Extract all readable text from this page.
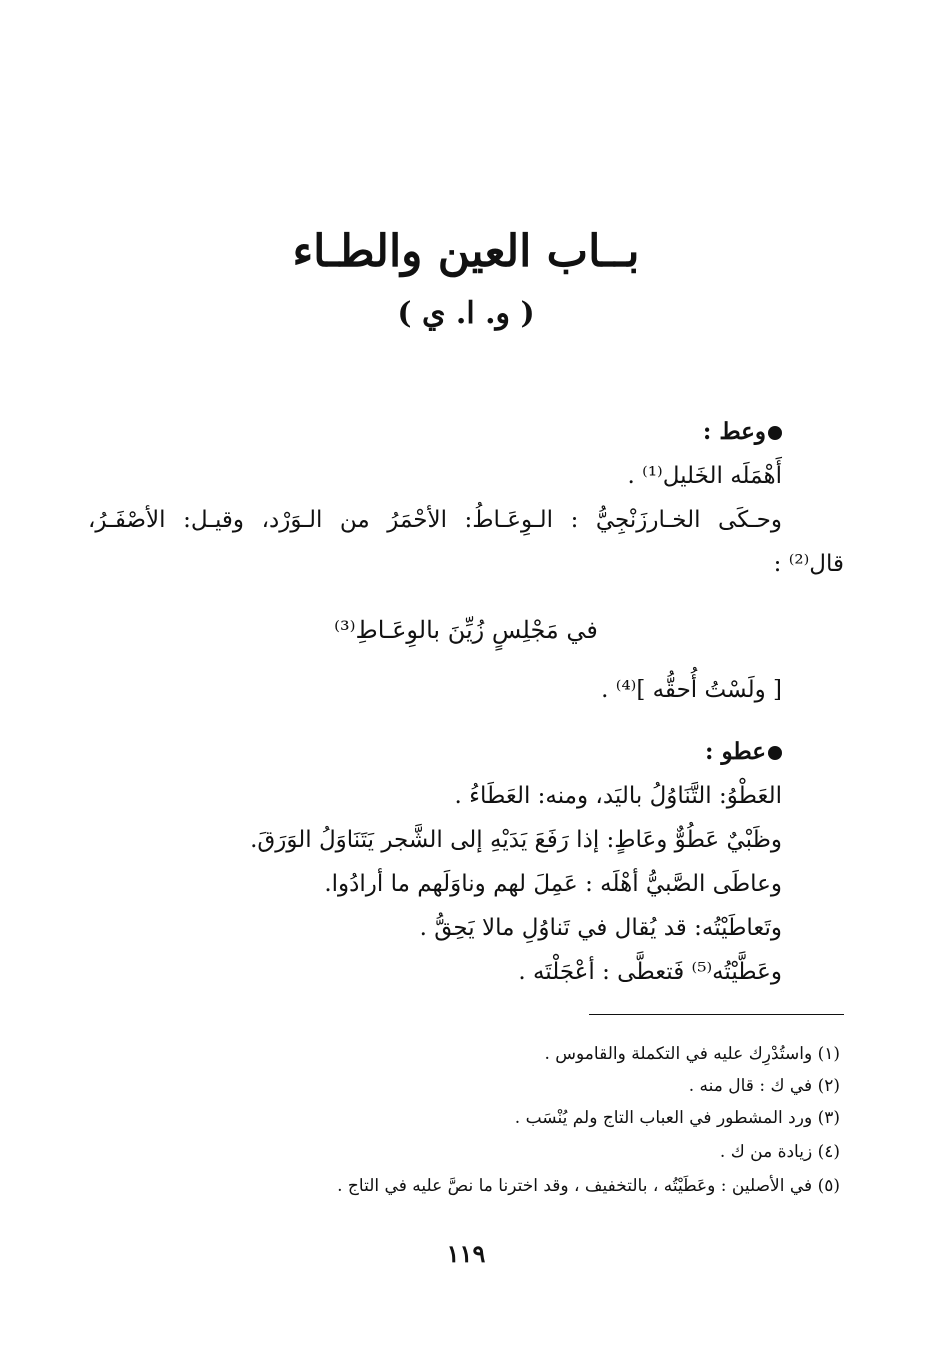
بــاب العين والطـاء
( و. ا. ي )
وعط :
أَهْمَلَه الخَليل⁽¹⁾ .
وحـكَى الخـارزَنْجِيُّ : الـوِعَـاطُ: الأحْمَرُ من الـوَرْد، وقيـل: الأصْفَـرُ،
قال⁽²⁾ :
في مَجْلِسٍ زُيِّنَ بالوِعَـاطِ⁽³⁾
[ ولَسْتُ أُحقُّه ]⁽⁴⁾ .
عطو :
العَطْوُ: التَّنَاوُلُ باليَد، ومنه: العَطَاءُ .
وظَبْيٌ عَطُوٌّ وعَاطٍ: إذا رَفَعَ يَدَيْهِ إلى الشَّجر يَتَنَاوَلُ الوَرَقَ.
وعاطَى الصَّبيُّ أهْلَه : عَمِلَ لهم وناوَلَهم ما أرادُوا.
وتَعاطَيْتُه: قد يُقال في تَناوُلِ مالا يَحِقُّ .
وعَطَّيْتُه⁽⁵⁾ فَتعطَّى : أعْجَلْتَه .
(١) واستُدْرِك عليه في التكملة والقاموس .
(٢) في ك : قال منه .
(٣) ورد المشطور في العباب التاج ولم يُنْسَب .
(٤) زيادة من ك .
(٥) في الأصلين : وعَطَيْتُه ، بالتخفيف ، وقد اخترنا ما نصَّ عليه في التاج .
١١٩
